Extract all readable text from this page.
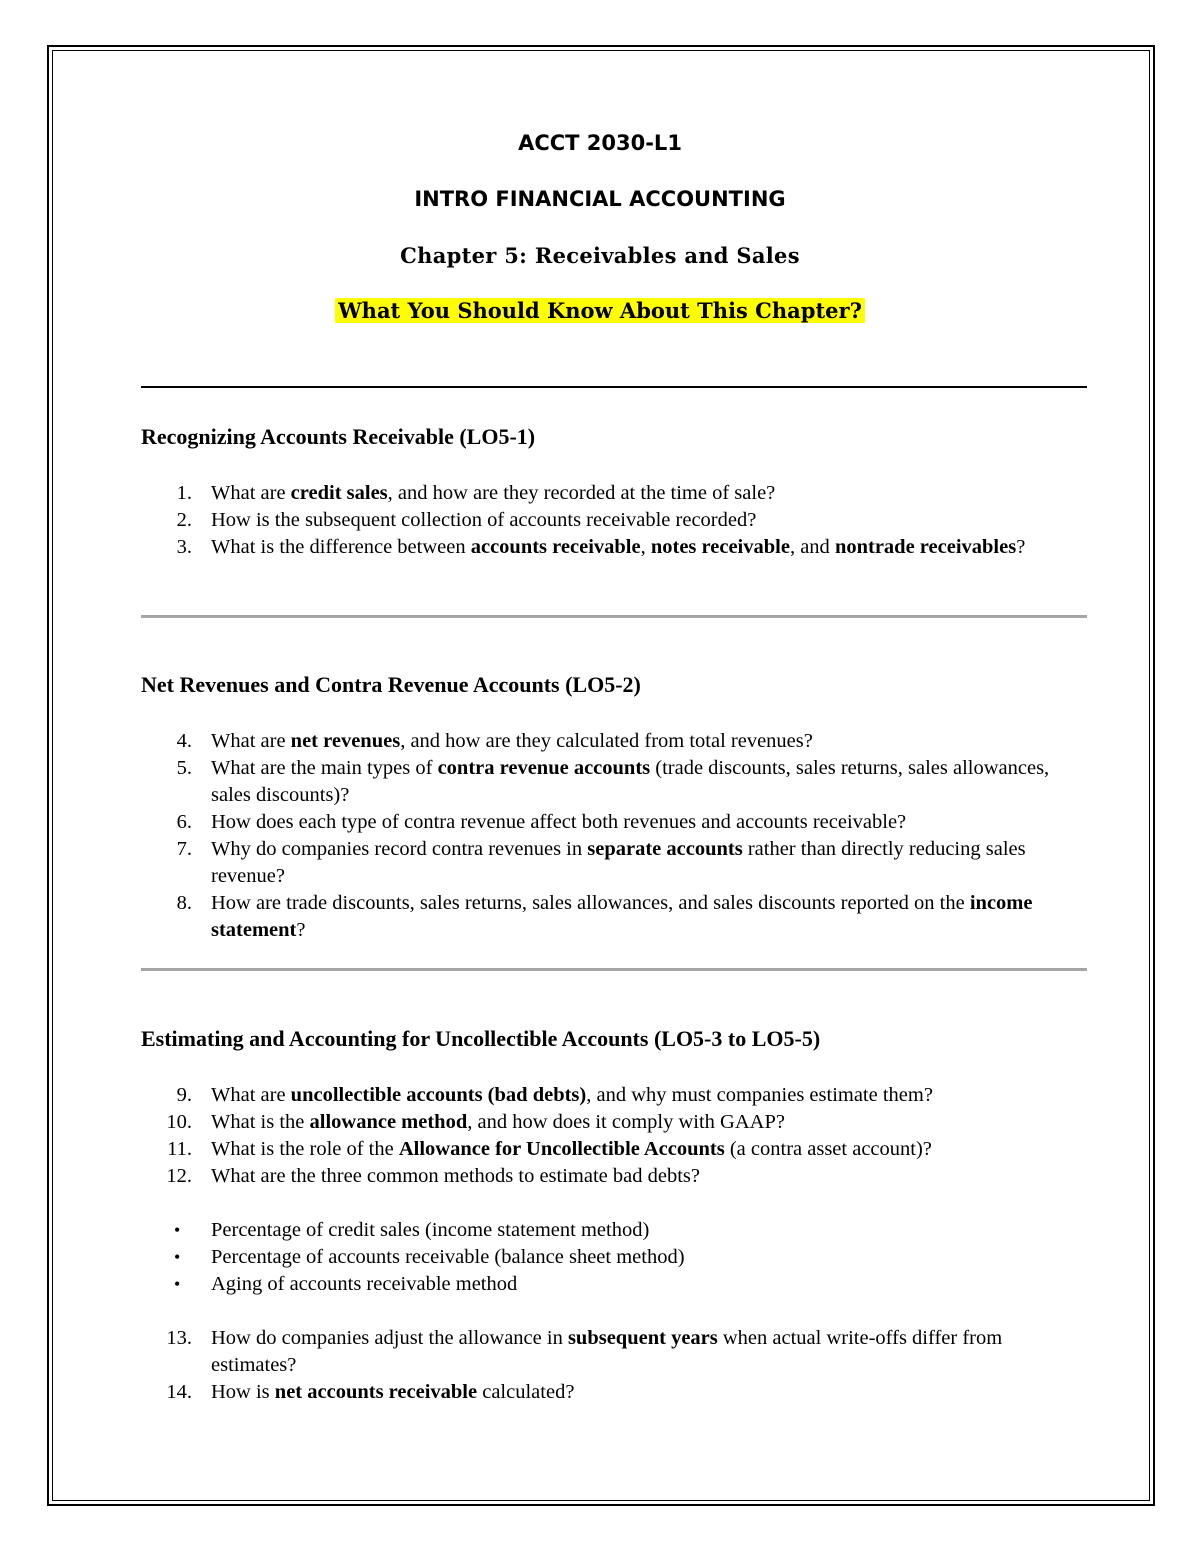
ACCT 2030-L1
INTRO FINANCIAL ACCOUNTING
Chapter 5: Receivables and Sales
What You Should Know About This Chapter?
Recognizing Accounts Receivable (LO5-1)

1. What are credit sales, and how are they recorded at the time of sale?

2. How is the subsequent collection of accounts receivable recorded?

3. What is the difference between accounts receivable, notes receivable, and nontrade receivables?

Net Revenues and Contra Revenue Accounts (LO5-2)

4. What are net revenues, and how are they calculated from total revenues?

5. What are the main types of contra revenue accounts (trade discounts, sales returns, sales allowances, sales discounts)?

6. How does each type of contra revenue affect both revenues and accounts receivable?

7. Why do companies record contra revenues in separate accounts rather than directly reducing sales revenue?

8. How are trade discounts, sales returns, sales allowances, and sales discounts reported on the income statement?

Estimating and Accounting for Uncollectible Accounts (LO5-3 to LO5-5)

9. What are uncollectible accounts (bad debts), and why must companies estimate them?

10. What is the allowance method, and how does it comply with GAAP?

11. What is the role of the Allowance for Uncollectible Accounts (a contra asset account)?

12. What are the three common methods to estimate bad debts?

•	Percentage of credit sales (income statement method)

•	Percentage of accounts receivable (balance sheet method)

•	Aging of accounts receivable method

13. How do companies adjust the allowance in subsequent years when actual write-offs differ from estimates?

14. How is net accounts receivable calculated?
